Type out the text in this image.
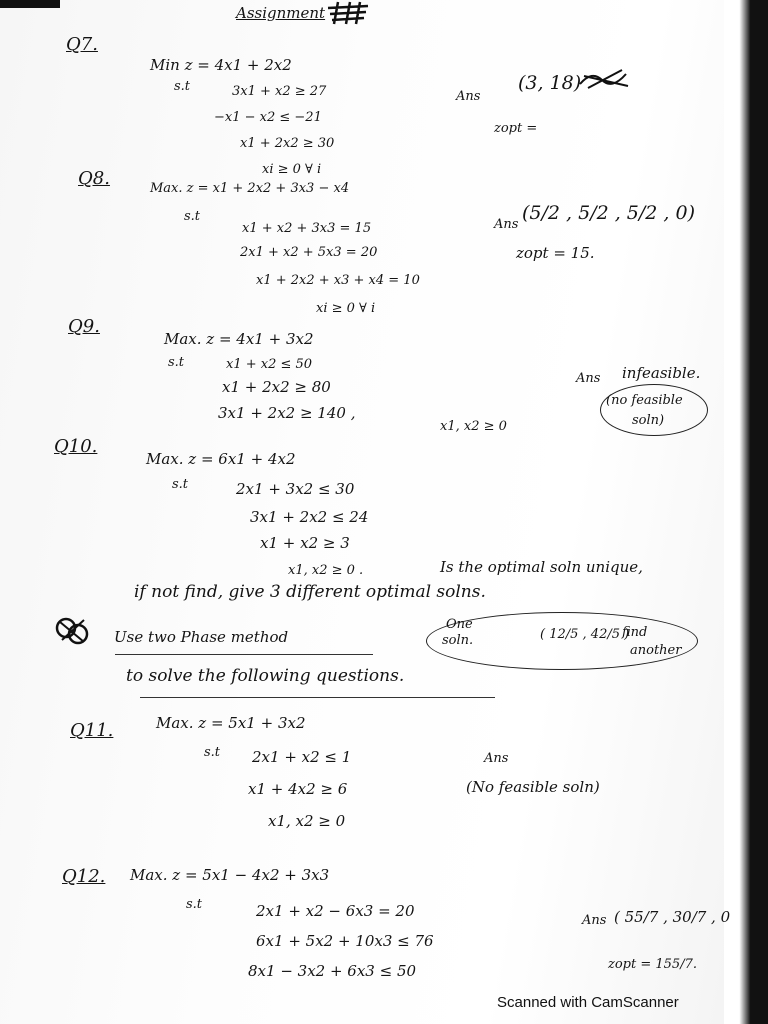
Assignment
Q7.
Min z = 4x1 + 2x2
s.t	3x1 + x2 ≥ 27
−x1 − x2 ≤ −21
x1 + 2x2 ≥ 30
xi ≥ 0 ∀ i
Ans
(3, 18)
zopt =
Q8.	Max. z = x1 + 2x2 + 3x3 − x4
s.t
x1 + x2 + 3x3 = 15
2x1 + x2 + 5x3 = 20
x1 + 2x2 + x3 + x4 = 10
xi ≥ 0 ∀ i
Ans
(5/2 , 5/2 , 5/2 , 0)
zopt = 15.
Q9.
Max. z = 4x1 + 3x2
s.t	x1 + x2 ≤ 50
x1 + 2x2 ≥ 80
3x1 + 2x2 ≥ 140 ,
x1, x2 ≥ 0
Ans infeasible.
(no feasible
soln)
Q10.
Max. z = 6x1 + 4x2
s.t	2x1 + 3x2 ≤ 30
3x1 + 2x2 ≤ 24
x1 + x2 ≥ 3
x1, x2 ≥ 0 .	Is the optimal soln unique,
if not find, give 3 different optimal solns.
One
soln.	( 12/5 , 42/5 )
find
another
Use two Phase method
to solve the following questions.
Q11.	Max. z = 5x1 + 3x2
s.t 2x1 + x2 ≤ 1
x1 + 4x2 ≥ 6
x1, x2 ≥ 0
Ans
(No feasible soln)
Q12. Max. z = 5x1 − 4x2 + 3x3
s.t	2x1 + x2 − 6x3 = 20
6x1 + 5x2 + 10x3 ≤ 76
8x1 − 3x2 + 6x3 ≤ 50
Ans ( 55/7 , 30/7 , 0
zopt = 155/7.
Scanned with CamScanner
